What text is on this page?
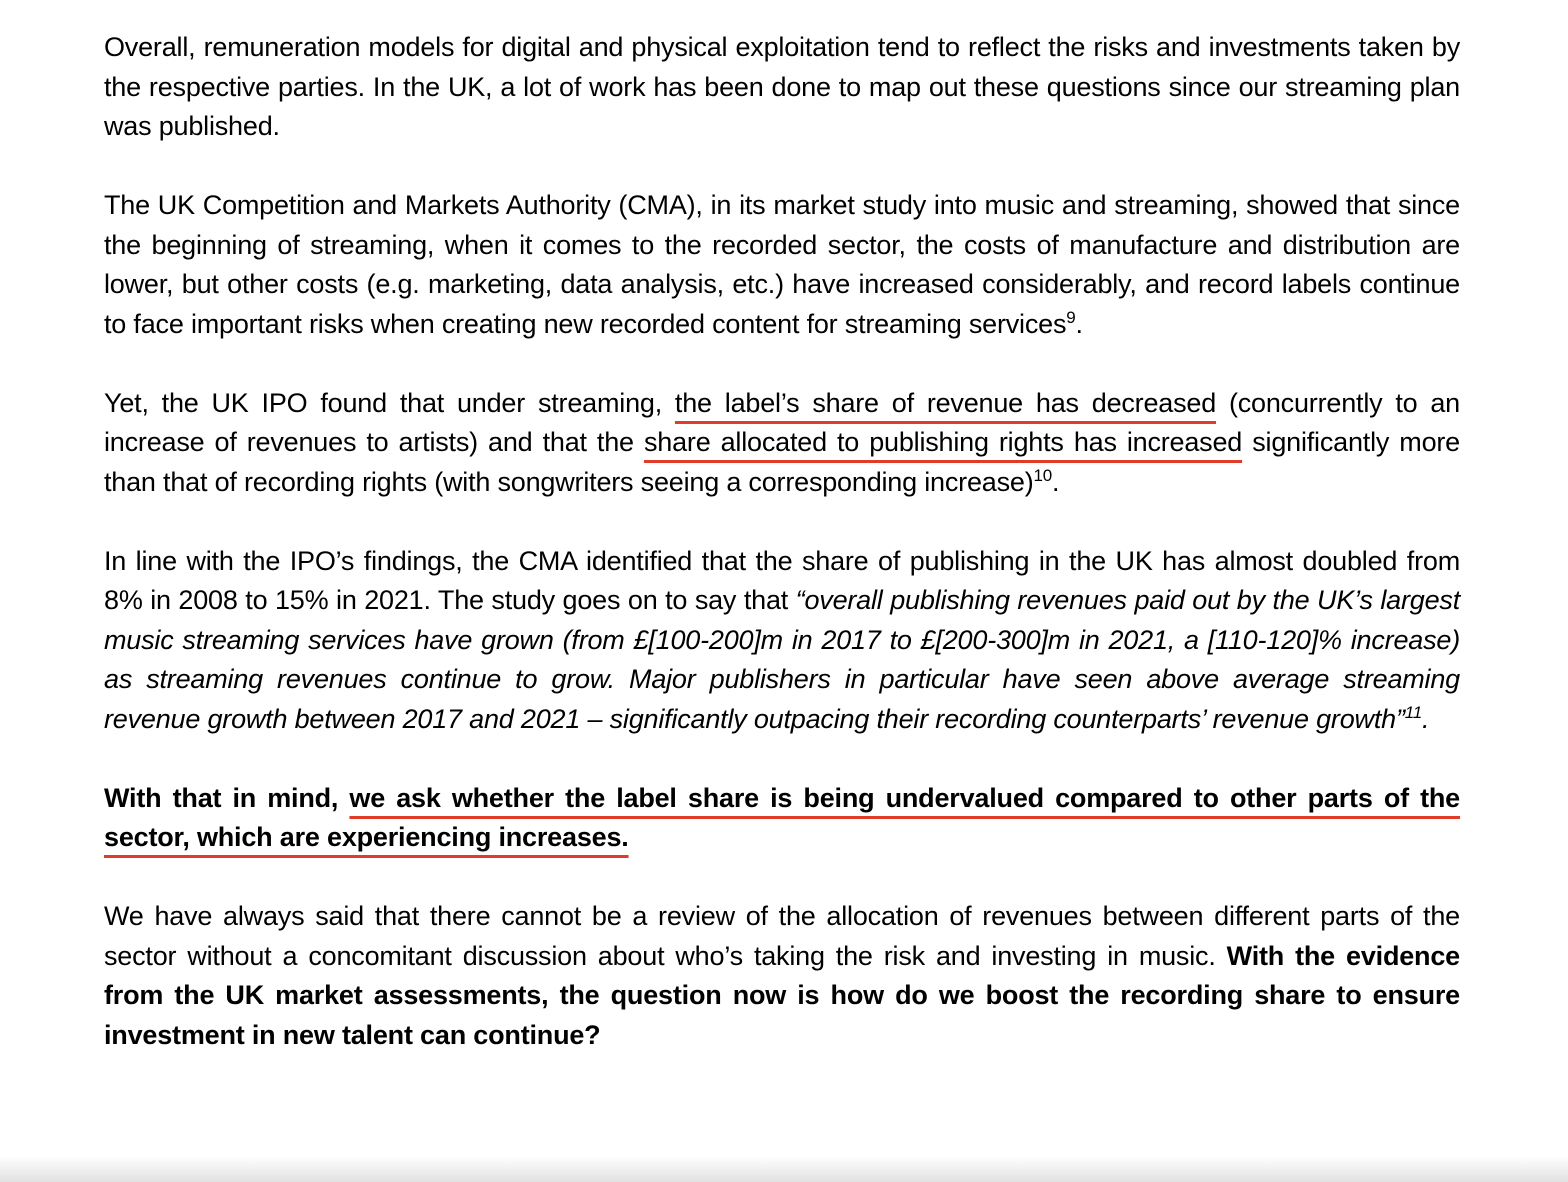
Overall, remuneration models for digital and physical exploitation tend to reflect the risks and investments taken by the respective parties. In the UK, a lot of work has been done to map out these questions since our streaming plan was published.

The UK Competition and Markets Authority (CMA), in its market study into music and streaming, showed that since the beginning of streaming, when it comes to the recorded sector, the costs of manufacture and distribution are lower, but other costs (e.g. marketing, data analysis, etc.) have increased considerably, and record labels continue to face important risks when creating new recorded content for streaming services$^9$.

Yet, the UK IPO found that under streaming, the label’s share of revenue has decreased (concurrently to an increase of revenues to artists) and that the share allocated to publishing rights has increased significantly more than that of recording rights (with songwriters seeing a corresponding increase)$^{10}$.

In line with the IPO’s findings, the CMA identified that the share of publishing in the UK has almost doubled from 8% in 2008 to 15% in 2021. The study goes on to say that “overall publishing revenues paid out by the UK’s largest music streaming services have grown (from £[100-200]m in 2017 to £[200-300]m in 2021, a [110-120]% increase) as streaming revenues continue to grow. Major publishers in particular have seen above average streaming revenue growth between 2017 and 2021 – significantly outpacing their recording counterparts’ revenue growth”$^{11}$.

With that in mind, we ask whether the label share is being undervalued compared to other parts of the sector, which are experiencing increases.

We have always said that there cannot be a review of the allocation of revenues between different parts of the sector without a concomitant discussion about who’s taking the risk and investing in music. With the evidence from the UK market assessments, the question now is how do we boost the recording share to ensure investment in new talent can continue?
